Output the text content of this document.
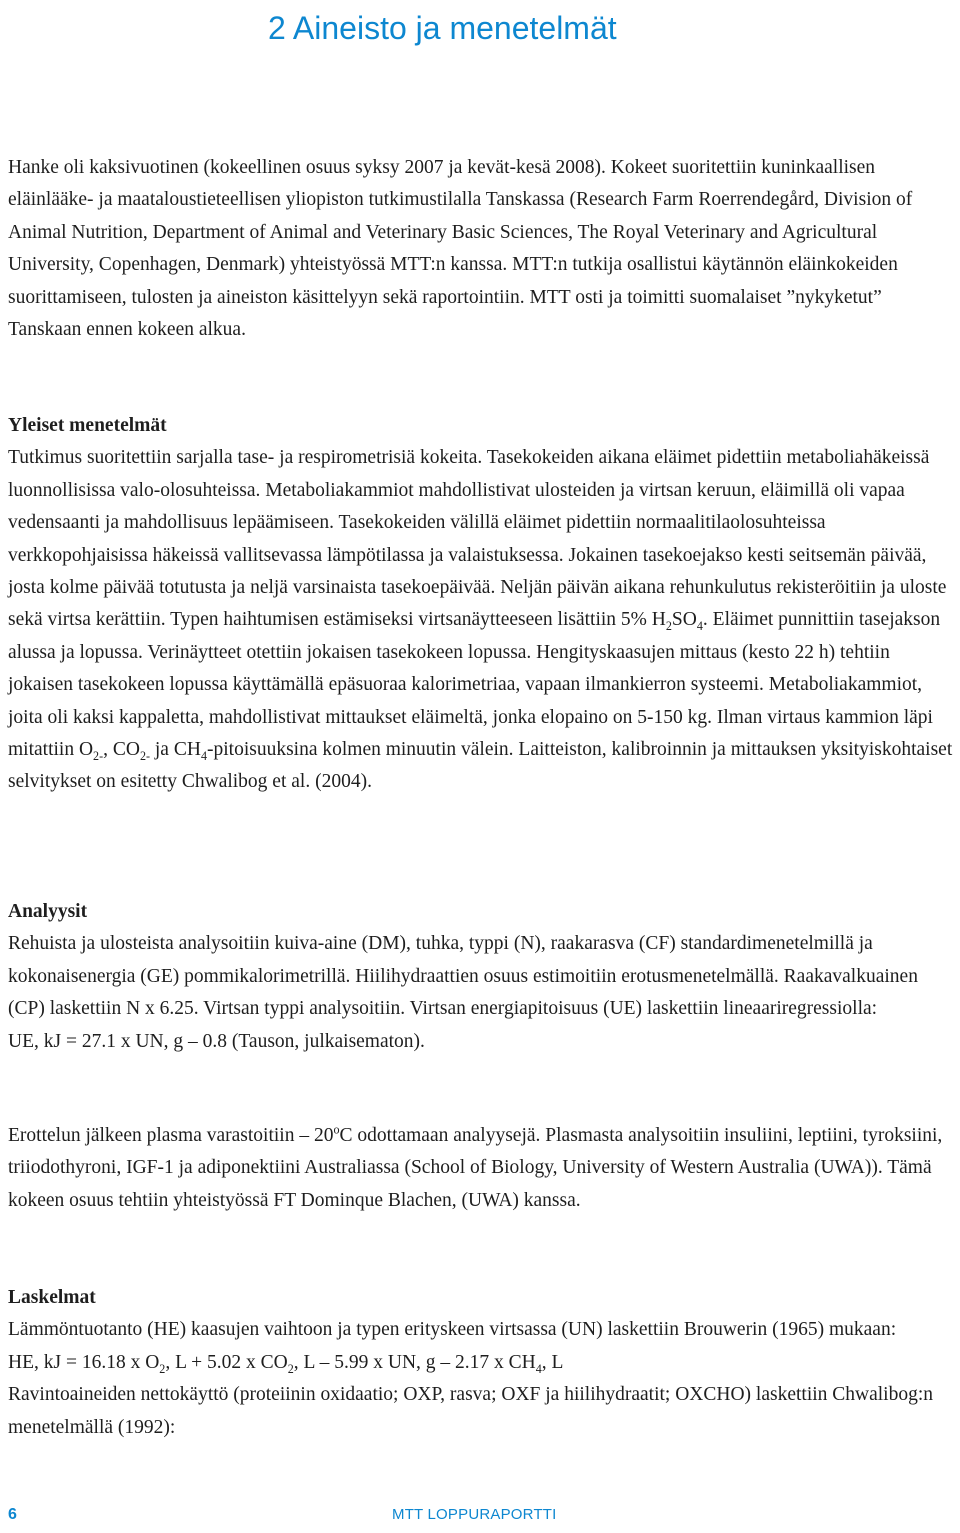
2 Aineisto ja menetelmät

Hanke oli kaksivuotinen (kokeellinen osuus syksy 2007 ja kevät-kesä 2008). Kokeet suoritettiin kuninkaallisen eläinlääke- ja maataloustieteellisen yliopiston tutkimustilalla Tanskassa (Research Farm Roerrendegård, Division of Animal Nutrition, Department of Animal and Veterinary Basic Sciences, The Royal Veterinary and Agricultural University, Copenhagen, Denmark) yhteistyössä MTT:n kanssa. MTT:n tutkija osallistui käytännön eläinkokeiden suorittamiseen, tulosten ja aineiston käsittelyyn sekä raportointiin. MTT osti ja toimitti suomalaiset ”nykyketut” Tanskaan ennen kokeen alkua.

Yleiset menetelmät
Tutkimus suoritettiin sarjalla tase- ja respirometrisiä kokeita. Tasekokeiden aikana eläimet pidettiin metaboliahäkeissä luonnollisissa valo-olosuhteissa. Metaboliakammiot mahdollistivat ulosteiden ja virtsan keruun, eläimillä oli vapaa vedensaanti ja mahdollisuus lepäämiseen. Tasekokeiden välillä eläimet pidettiin normaalitilaolosuhteissa verkkopohjaisissa häkeissä vallitsevassa lämpötilassa ja valaistuksessa. Jokainen tasekoejakso kesti seitsemän päivää, josta kolme päivää totutusta ja neljä varsinaista tasekoepäivää. Neljän päivän aikana rehunkulutus rekisteröitiin ja uloste sekä virtsa kerättiin. Typen haihtumisen estämiseksi virtsanäytteeseen lisättiin 5% $H_2SO_4$. Eläimet punnittiin tasejakson alussa ja lopussa. Verinäytteet otettiin jokaisen tasekokeen lopussa. Hengityskaasujen mittaus (kesto 22 h) tehtiin jokaisen tasekokeen lopussa käyttämällä epäsuoraa kalorimetriaa, vapaan ilmankierron systeemi. Metaboliakammiot, joita oli kaksi kappaletta, mahdollistivat mittaukset eläimeltä, jonka elopaino on 5-150 kg. Ilman virtaus kammion läpi mitattiin $O_{2-}$, $CO_{2-}$ ja $CH_4$-pitoisuuksina kolmen minuutin välein. Laitteiston, kalibroinnin ja mittauksen yksityiskohtaiset selvitykset on esitetty Chwalibog et al. (2004).

Analyysit
Rehuista ja ulosteista analysoitiin kuiva-aine (DM), tuhka, typpi (N), raakarasva (CF) standardimenetelmillä ja kokonaisenergia (GE) pommikalorimetrillä. Hiilihydraattien osuus estimoitiin erotusmenetelmällä. Raakavalkuainen (CP) laskettiin N x 6.25. Virtsan typpi analysoitiin. Virtsan energiapitoisuus (UE) laskettiin lineaariregressiolla:
UE, kJ = 27.1 x UN, g – 0.8 (Tauson, julkaisematon).

Erottelun jälkeen plasma varastoitiin – 20$^o$C odottamaan analyysejä. Plasmasta analysoitiin insuliini, leptiini, tyroksiini, triiodothyroni, IGF-1 ja adiponektiini Australiassa (School of Biology, University of Western Australia (UWA)). Tämä kokeen osuus tehtiin yhteistyössä FT Dominque Blachen, (UWA) kanssa.

Laskelmat
Lämmöntuotanto (HE) kaasujen vaihtoon ja typen erityskeen virtsassa (UN) laskettiin Brouwerin (1965) mukaan:
HE, kJ = 16.18 x $O_2$, L + 5.02 x $CO_2$, L – 5.99 x UN, g – 2.17 x $CH_4$, L
Ravintoaineiden nettokäyttö (proteiinin oxidaatio; OXP, rasva; OXF ja hiilihydraatit; OXCHO) laskettiin Chwalibog:n menetelmällä (1992):

6	MTT LOPPURAPORTTI
